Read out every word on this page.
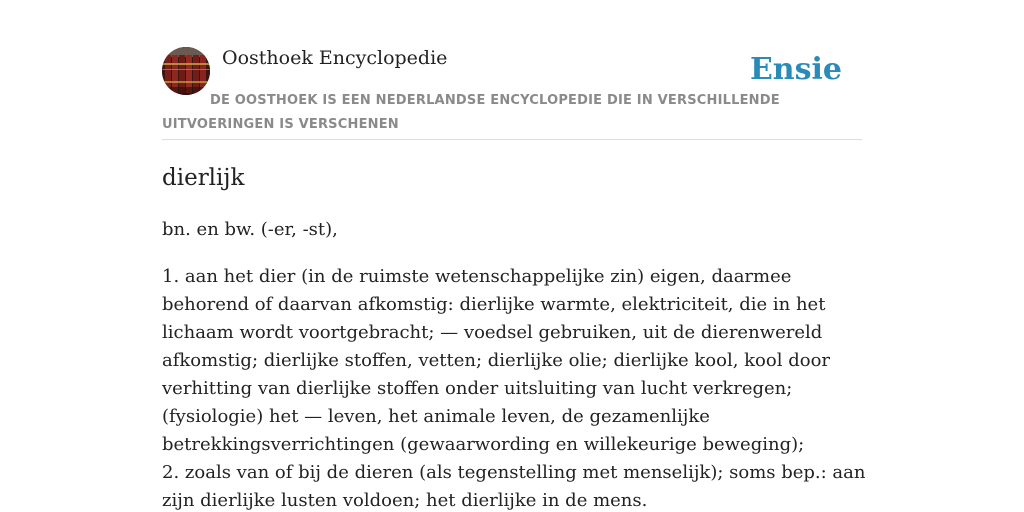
Oosthoek Encyclopedie	Ensie
DE OOSTHOEK IS EEN NEDERLANDSE ENCYCLOPEDIE DIE IN VERSCHILLENDE UITVOERINGEN IS VERSCHENEN
dierlijk
bn. en bw. (-er, -st),

1. aan het dier (in de ruimste wetenschappelijke zin) eigen, daarmee behorend of daarvan afkomstig: dierlijke warmte, elektriciteit, die in het lichaam wordt voortgebracht; — voedsel gebruiken, uit de dierenwereld afkomstig; dierlijke stoffen, vetten; dierlijke olie; dierlijke kool, kool door verhitting van dierlijke stoffen onder uitsluiting van lucht verkregen; (fysiologie) het — leven, het animale leven, de gezamenlijke betrekkingsverrichtingen (gewaarwording en willekeurige beweging);

2. zoals van of bij de dieren (als tegenstelling met menselijk); soms bep.: aan zijn dierlijke lusten voldoen; het dierlijke in de mens.
